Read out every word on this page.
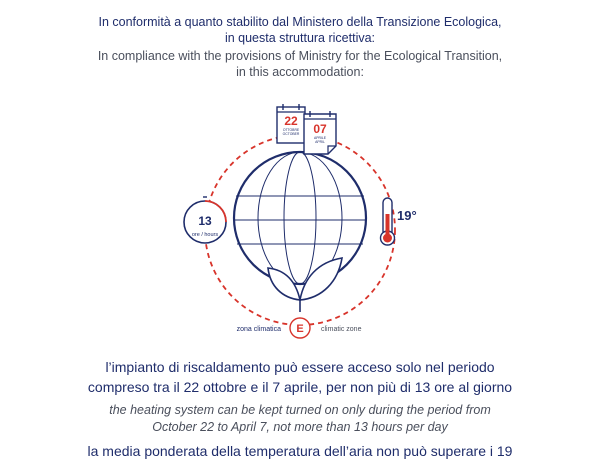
In conformità a quanto stabilito dal Ministero della Transizione Ecologica,
in questa struttura ricettiva:
In compliance with the provisions of Ministry for the Ecological Transition,
in this accommodation:
22
OTTOBRE
OCTOBER 07
APRILE
APRIL
13
ore / hours
19°
zona climatica E climatic zone
l’impianto di riscaldamento può essere acceso solo nel periodo
compreso tra il 22 ottobre e il 7 aprile, per non più di 13 ore al giorno
the heating system can be kept turned on only during the period from
October 22 to April 7, not more than 13 hours per day
la media ponderata della temperatura dell’aria non può superare i 19
